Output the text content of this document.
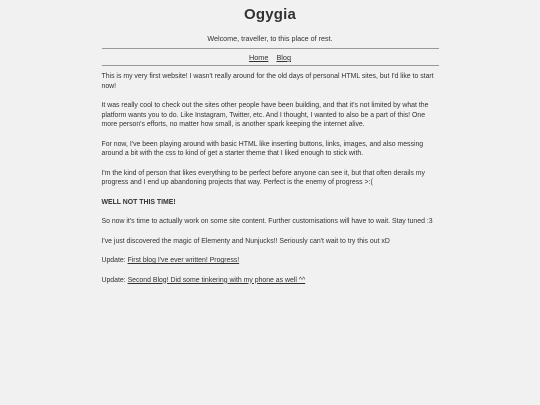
Ogygia
Welcome, traveller, to this place of rest.
Home Blog

This is my very first website! I wasn't really around for the old days of personal HTML sites, but I'd like to start now!

It was really cool to check out the sites other people have been building, and that it's not limited by what the platform wants you to do. Like Instagram, Twitter, etc. And I thought, I wanted to also be a part of this! One more person's efforts, no matter how small, is another spark keeping the internet alive.

For now, I've been playing around with basic HTML like inserting buttons, links, images, and also messing around a bit with the css to kind of get a starter theme that I liked enough to stick with.

I'm the kind of person that likes everything to be perfect before anyone can see it, but that often derails my progress and I end up abandoning projects that way. Perfect is the enemy of progress >:(

WELL NOT THIS TIME!

So now it's time to actually work on some site content. Further customisations will have to wait. Stay tuned :3

I've just discovered the magic of Elementy and Nunjucks!! Seriously can't wait to try this out xD

Update: First blog I've ever written! Progress!

Update: Second Blog! Did some tinkering with my phone as well ^^
